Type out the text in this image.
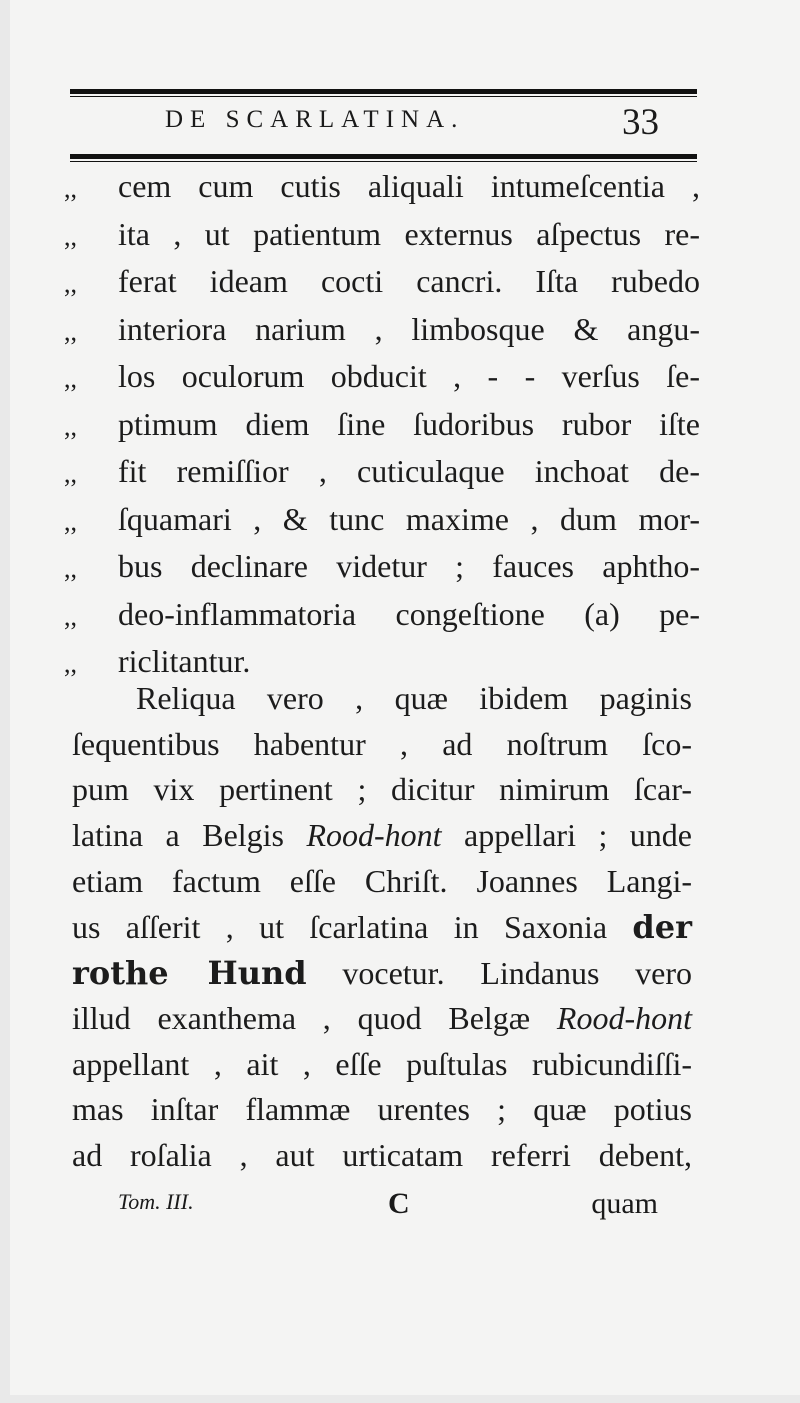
DE SCARLATINA.	33
,,	cem cum cutis aliquali intumeſcentia ,
,,	ita , ut patientum externus aſpectus re-
,,	ferat ideam cocti cancri. Iſta rubedo
,,	interiora narium , limbosque & angu-
,,	los oculorum obducit , - - verſus ſe-
,,	ptimum diem ſine ſudoribus rubor iſte
,,	fit remiſſior , cuticulaque inchoat de-
,,	ſquamari , & tunc maxime , dum mor-
,,	bus declinare videtur ; fauces aphtho-
,,	deo-inflammatoria congeſtione (a) pe-
,,	riclitantur.
Reliqua vero , quæ ibidem paginis
ſequentibus habentur , ad noſtrum ſco-
pum vix pertinent ; dicitur nimirum ſcar-
latina a Belgis Rood-hont appellari ; unde
etiam factum eſſe Chriſt. Joannes Langi-
us aſſerit , ut ſcarlatina in Saxonia der
rothe Hund vocetur. Lindanus vero
illud exanthema , quod Belgæ Rood-hont
appellant , ait , eſſe puſtulas rubicundiſſi-
mas inſtar flammæ urentes ; quæ potius
ad roſalia , aut urticatam referri debent,
Tom. III.	C	quam
